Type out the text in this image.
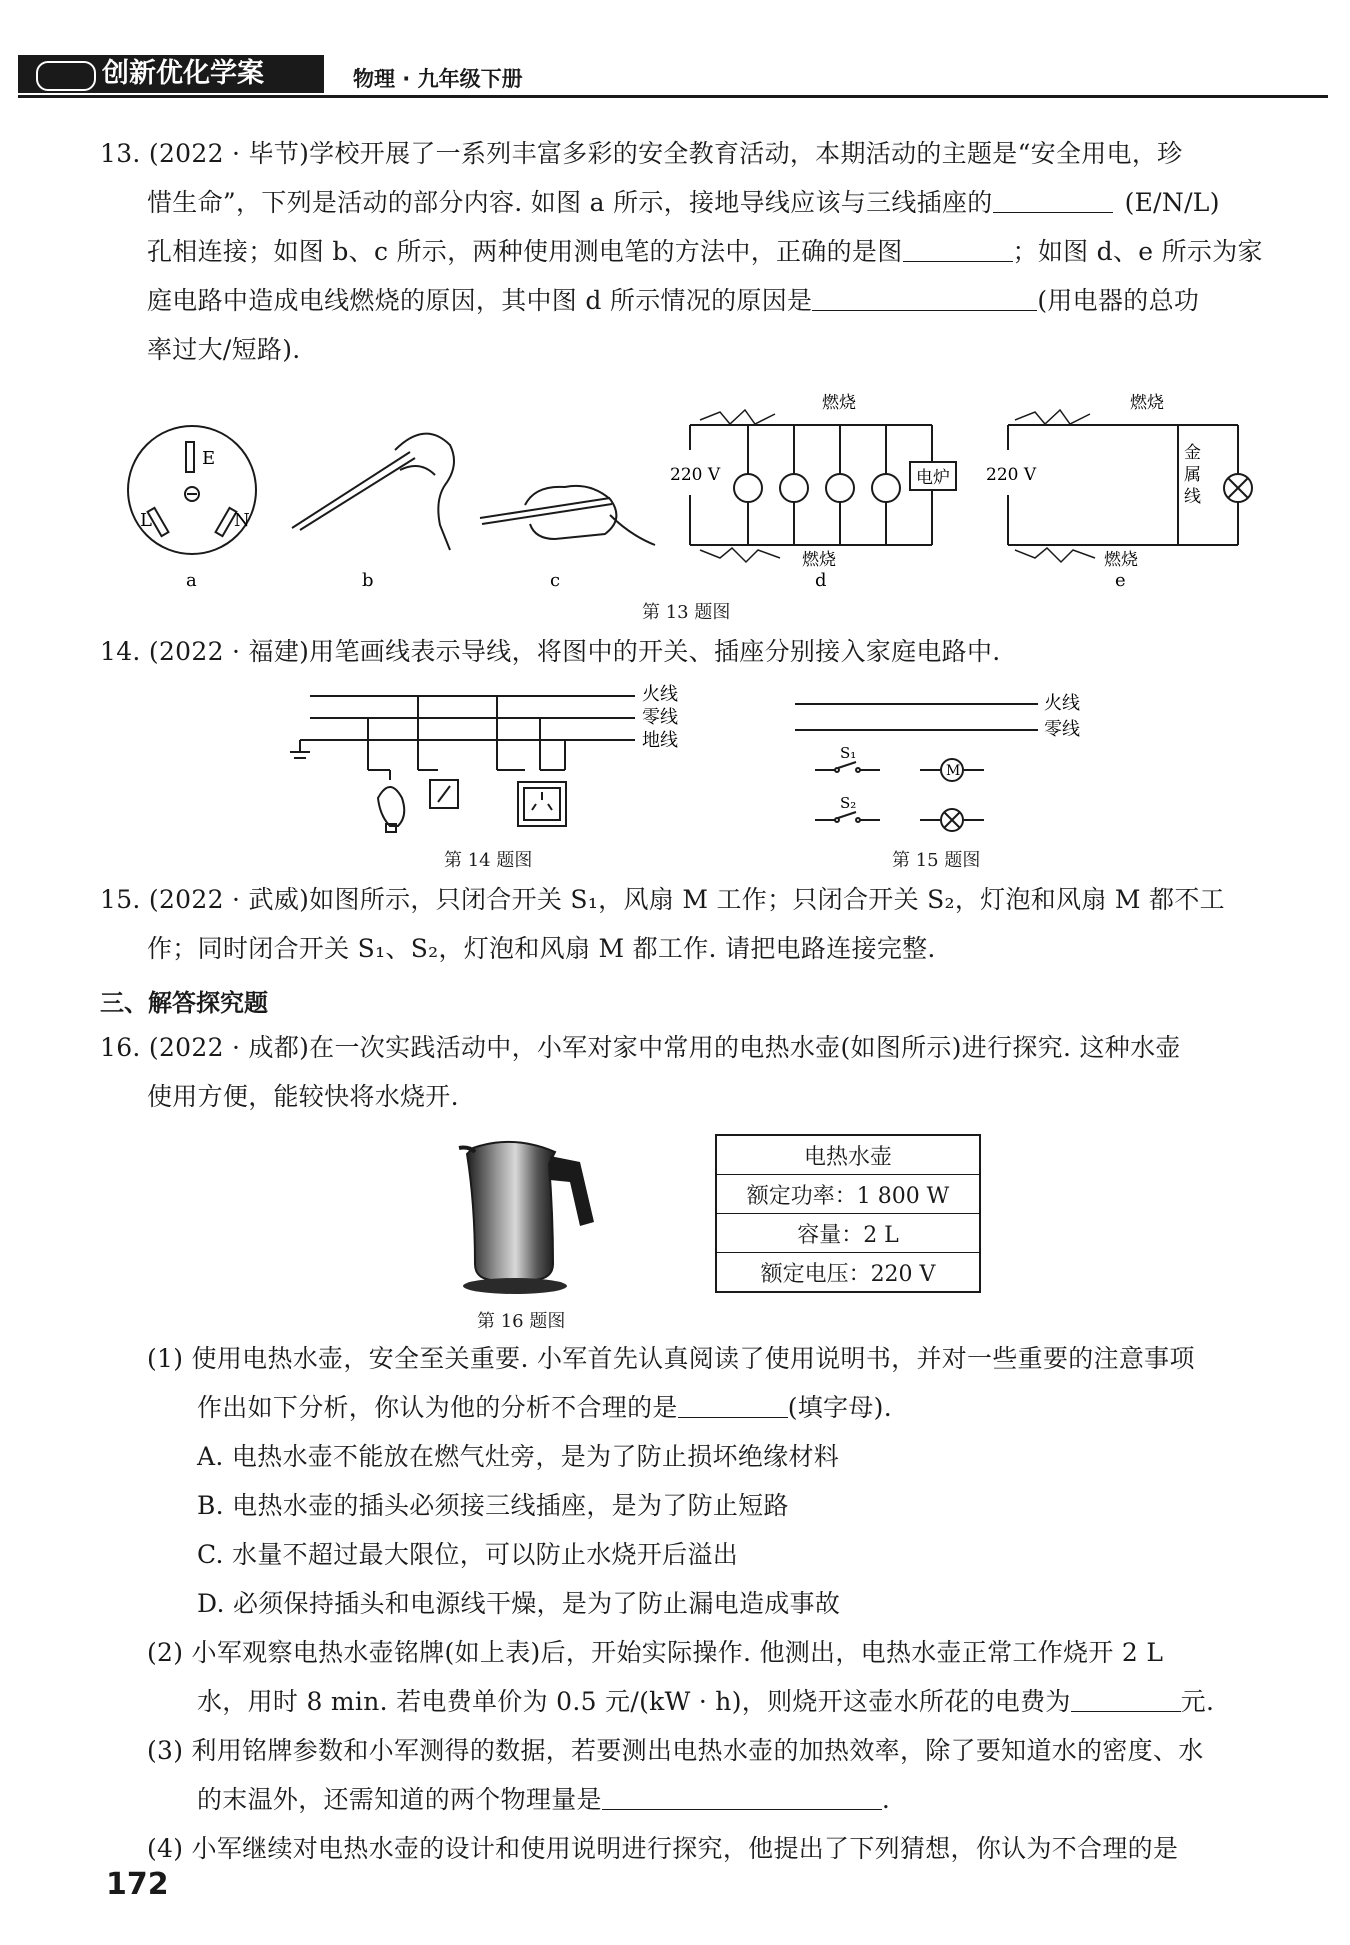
创新优化学案	物理 · 九年级下册
13. (2022 · 毕节)学校开展了一系列丰富多彩的安全教育活动，本期活动的主题是“安全用电，珍
惜生命”，下列是活动的部分内容. 如图 a 所示，接地导线应该与三线插座的	(E/N/L)
孔相连接；如图 b、c 所示，两种使用测电笔的方法中，正确的是图	；如图 d、e 所示为家
庭电路中造成电线燃烧的原因，其中图 d 所示情况的原因是	(用电器的总功
率过大/短路).
E
L	N
a	b	c
220 V
燃烧
燃烧
电炉
d
220 V
燃烧
燃烧
金
属
线
e
第 13 题图
14. (2022 · 福建)用笔画线表示导线，将图中的开关、插座分别接入家庭电路中.
火线
零线
地线
第 14 题图
火线
零线
S₁
S₂
M
第 15 题图
15. (2022 · 武威)如图所示，只闭合开关 S₁，风扇 M 工作；只闭合开关 S₂，灯泡和风扇 M 都不工
作；同时闭合开关 S₁、S₂，灯泡和风扇 M 都工作. 请把电路连接完整.
三、解答探究题
16. (2022 · 成都)在一次实践活动中，小军对家中常用的电热水壶(如图所示)进行探究. 这种水壶
使用方便，能较快将水烧开.
第 16 题图
电热水壶
额定功率：1 800 W
容量：2 L
额定电压：220 V
(1) 使用电热水壶，安全至关重要. 小军首先认真阅读了使用说明书，并对一些重要的注意事项
作出如下分析，你认为他的分析不合理的是	(填字母).
A. 电热水壶不能放在燃气灶旁，是为了防止损坏绝缘材料
B. 电热水壶的插头必须接三线插座，是为了防止短路
C. 水量不超过最大限位，可以防止水烧开后溢出
D. 必须保持插头和电源线干燥，是为了防止漏电造成事故
(2) 小军观察电热水壶铭牌(如上表)后，开始实际操作. 他测出，电热水壶正常工作烧开 2 L
水，用时 8 min. 若电费单价为 0.5 元/(kW · h)，则烧开这壶水所花的电费为	元.
(3) 利用铭牌参数和小军测得的数据，若要测出电热水壶的加热效率，除了要知道水的密度、水
的末温外，还需知道的两个物理量是	.
(4) 小军继续对电热水壶的设计和使用说明进行探究，他提出了下列猜想，你认为不合理的是
172
